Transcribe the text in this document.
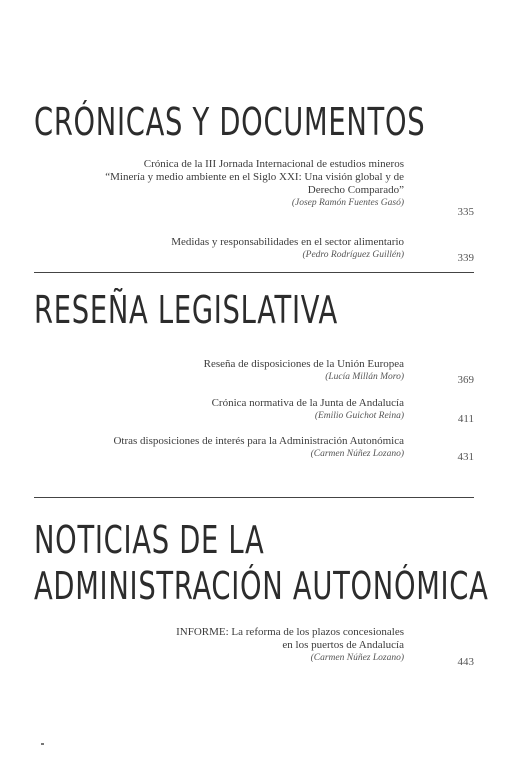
CRÓNICAS Y DOCUMENTOS
Crónica de la III Jornada Internacional de estudios mineros
“Minería y medio ambiente en el Siglo XXI: Una visión global y de
Derecho Comparado”
(Josep Ramón Fuentes Gasó)
335
Medidas y responsabilidades en el sector alimentario
(Pedro Rodríguez Guillén)	339
RESEÑA LEGISLATIVA
Reseña de disposiciones de la Unión Europea
(Lucía Millán Moro)	369
Crónica normativa de la Junta de Andalucía
(Emilio Guichot Reina)	411
Otras disposiciones de interés para la Administración Autonómica
(Carmen Núñez Lozano)	431
NOTICIAS DE LA
ADMINISTRACIÓN AUTONÓMICA
INFORME: La reforma de los plazos concesionales
en los puertos de Andalucía
(Carmen Núñez Lozano)	443
